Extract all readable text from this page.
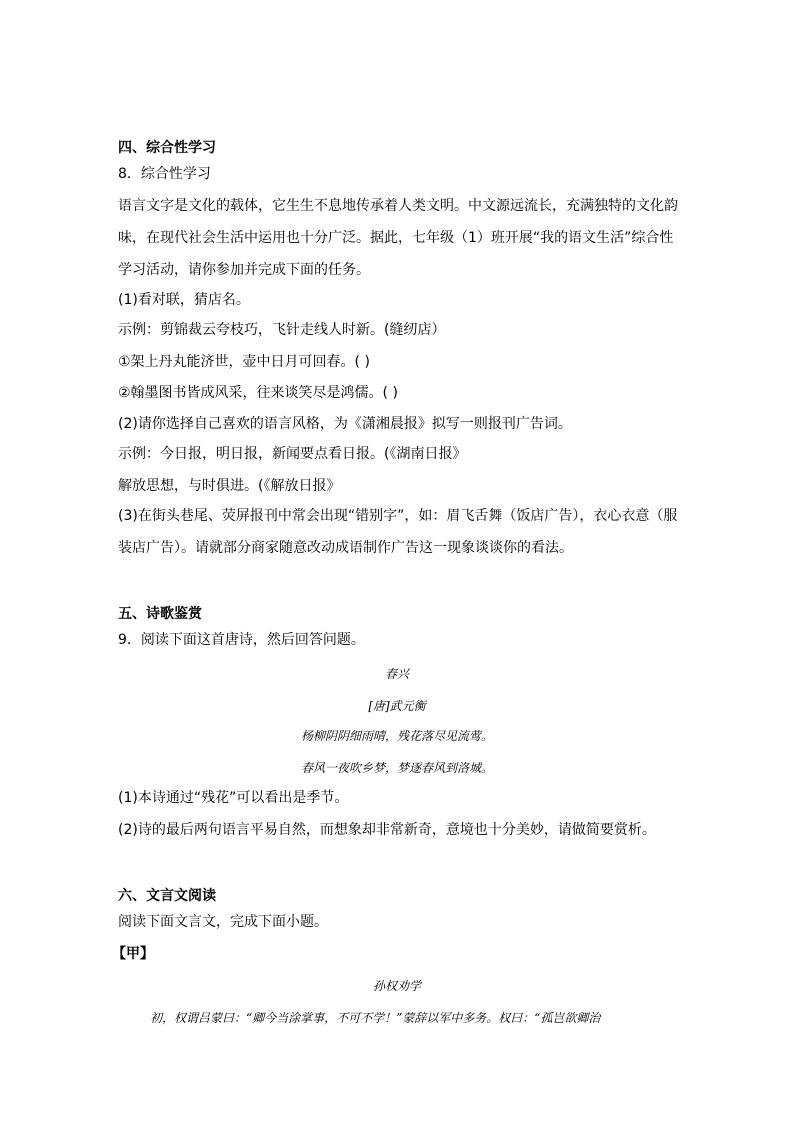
四、综合性学习
8．综合性学习
语言文字是文化的载体，它生生不息地传承着人类文明。中文源远流长，充满独特的文化韵
味，在现代社会生活中运用也十分广泛。据此，七年级（1）班开展“我的语文生活”综合性
学习活动，请你参加并完成下面的任务。
(1)看对联，猜店名。
示例：剪锦裁云夸枝巧，飞针走线人时新。(缝纫店）
①架上丹丸能济世，壶中日月可回春。( )
②翰墨图书皆成风采，往来谈笑尽是鸿儒。( )
(2)请你选择自己喜欢的语言风格，为《潇湘晨报》拟写一则报刊广告词。
示例：今日报，明日报，新闻要点看日报。(《湖南日报》
解放思想，与时俱进。(《解放日报》
(3)在街头巷尾、荧屏报刊中常会出现“错别字”，如：眉飞舌舞（饭店广告），衣心衣意（服
装店广告）。请就部分商家随意改动成语制作广告这一现象谈谈你的看法。
五、诗歌鉴赏
9．阅读下面这首唐诗，然后回答问题。
春兴
[唐]武元衡
杨柳阴阴细雨晴，残花落尽见流莺。
春风一夜吹乡梦，梦逐春风到洛城。
(1)本诗通过“残花”可以看出是季节。
(2)诗的最后两句语言平易自然，而想象却非常新奇，意境也十分美妙，请做简要赏析。
六、文言文阅读
阅读下面文言文，完成下面小题。
【甲】
孙权劝学
初，权谓吕蒙曰：“卿今当涂掌事，不可不学！”蒙辞以军中多务。权曰：“孤岂欲卿治
